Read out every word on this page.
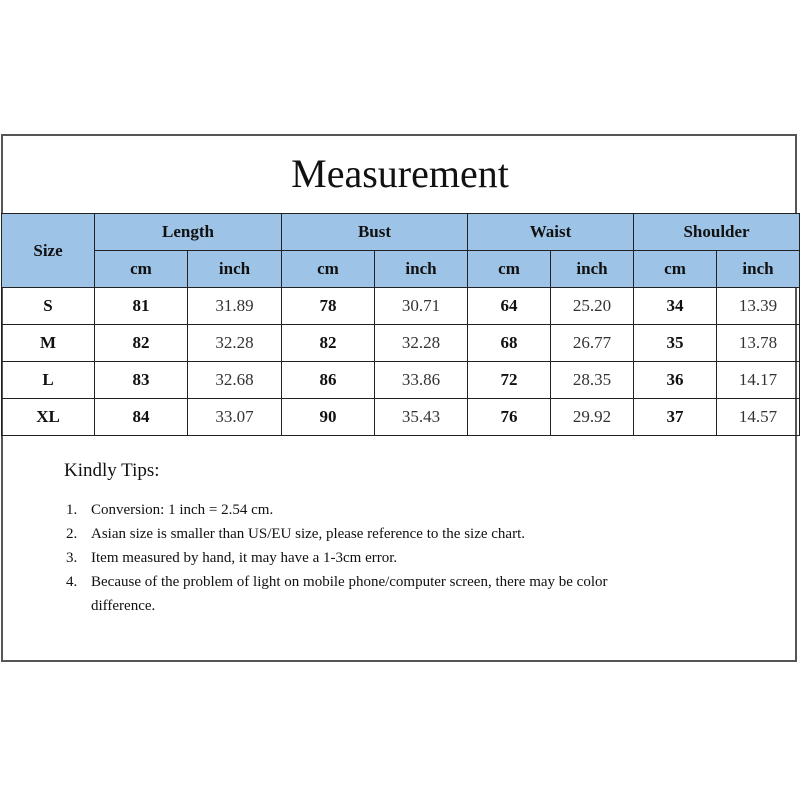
Measurement
Size	Length		Bust		Waist		Shoulder	
	cm	inch	cm	inch	cm	inch	cm	inch
S	81	31.89	78	30.71	64	25.20	34	13.39
M	82	32.28	82	32.28	68	26.77	35	13.78
L	83	32.68	86	33.86	72	28.35	36	14.17
XL	84	33.07	90	35.43	76	29.92	37	14.57
Kindly Tips:
1. Conversion: 1 inch = 2.54 cm.
2. Asian size is smaller than US/EU size, please reference to the size chart.
3. Item measured by hand, it may have a 1-3cm error.
4. Because of the problem of light on mobile phone/computer screen, there may be color difference.
